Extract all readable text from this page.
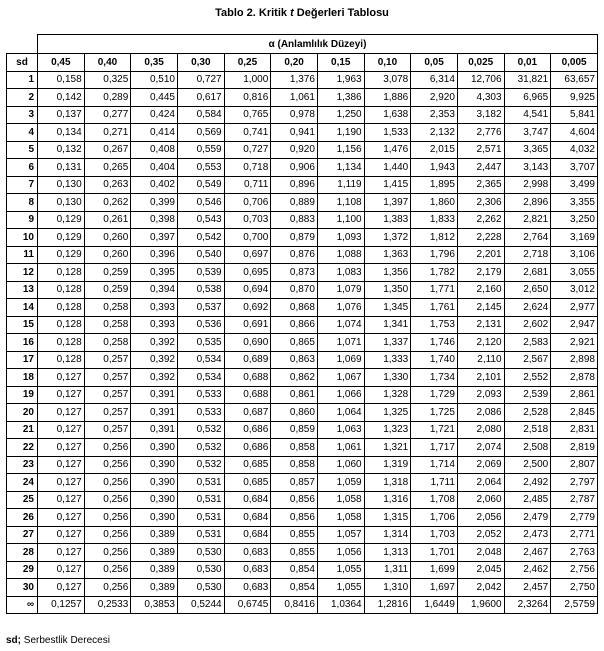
Tablo 2. Kritik t Değerleri Tablosu
	α (Anlamlılık Düzeyi)											
sd	0,45	0,40	0,35	0,30	0,25	0,20	0,15	0,10	0,05	0,025	0,01	0,005
1	0,158	0,325	0,510	0,727	1,000	1,376	1,963	3,078	6,314	12,706	31,821	63,657
2	0,142	0,289	0,445	0,617	0,816	1,061	1,386	1,886	2,920	4,303	6,965	9,925
3	0,137	0,277	0,424	0,584	0,765	0,978	1,250	1,638	2,353	3,182	4,541	5,841
4	0,134	0,271	0,414	0,569	0,741	0,941	1,190	1,533	2,132	2,776	3,747	4,604
5	0,132	0,267	0,408	0,559	0,727	0,920	1,156	1,476	2,015	2,571	3,365	4,032
6	0,131	0,265	0,404	0,553	0,718	0,906	1,134	1,440	1,943	2,447	3,143	3,707
7	0,130	0,263	0,402	0,549	0,711	0,896	1,119	1,415	1,895	2,365	2,998	3,499
8	0,130	0,262	0,399	0,546	0,706	0,889	1,108	1,397	1,860	2,306	2,896	3,355
9	0,129	0,261	0,398	0,543	0,703	0,883	1,100	1,383	1,833	2,262	2,821	3,250
10	0,129	0,260	0,397	0,542	0,700	0,879	1,093	1,372	1,812	2,228	2,764	3,169
11	0,129	0,260	0,396	0,540	0,697	0,876	1,088	1,363	1,796	2,201	2,718	3,106
12	0,128	0,259	0,395	0,539	0,695	0,873	1,083	1,356	1,782	2,179	2,681	3,055
13	0,128	0,259	0,394	0,538	0,694	0,870	1,079	1,350	1,771	2,160	2,650	3,012
14	0,128	0,258	0,393	0,537	0,692	0,868	1,076	1,345	1,761	2,145	2,624	2,977
15	0,128	0,258	0,393	0,536	0,691	0,866	1,074	1,341	1,753	2,131	2,602	2,947
16	0,128	0,258	0,392	0,535	0,690	0,865	1,071	1,337	1,746	2,120	2,583	2,921
17	0,128	0,257	0,392	0,534	0,689	0,863	1,069	1,333	1,740	2,110	2,567	2,898
18	0,127	0,257	0,392	0,534	0,688	0,862	1,067	1,330	1,734	2,101	2,552	2,878
19	0,127	0,257	0,391	0,533	0,688	0,861	1,066	1,328	1,729	2,093	2,539	2,861
20	0,127	0,257	0,391	0,533	0,687	0,860	1,064	1,325	1,725	2,086	2,528	2,845
21	0,127	0,257	0,391	0,532	0,686	0,859	1,063	1,323	1,721	2,080	2,518	2,831
22	0,127	0,256	0,390	0,532	0,686	0,858	1,061	1,321	1,717	2,074	2,508	2,819
23	0,127	0,256	0,390	0,532	0,685	0,858	1,060	1,319	1,714	2,069	2,500	2,807
24	0,127	0,256	0,390	0,531	0,685	0,857	1,059	1,318	1,711	2,064	2,492	2,797
25	0,127	0,256	0,390	0,531	0,684	0,856	1,058	1,316	1,708	2,060	2,485	2,787
26	0,127	0,256	0,390	0,531	0,684	0,856	1,058	1,315	1,706	2,056	2,479	2,779
27	0,127	0,256	0,389	0,531	0,684	0,855	1,057	1,314	1,703	2,052	2,473	2,771
28	0,127	0,256	0,389	0,530	0,683	0,855	1,056	1,313	1,701	2,048	2,467	2,763
29	0,127	0,256	0,389	0,530	0,683	0,854	1,055	1,311	1,699	2,045	2,462	2,756
30	0,127	0,256	0,389	0,530	0,683	0,854	1,055	1,310	1,697	2,042	2,457	2,750
∞	0,1257	0,2533	0,3853	0,5244	0,6745	0,8416	1,0364	1,2816	1,6449	1,9600	2,3264	2,5759
sd; Serbestlik Derecesi
